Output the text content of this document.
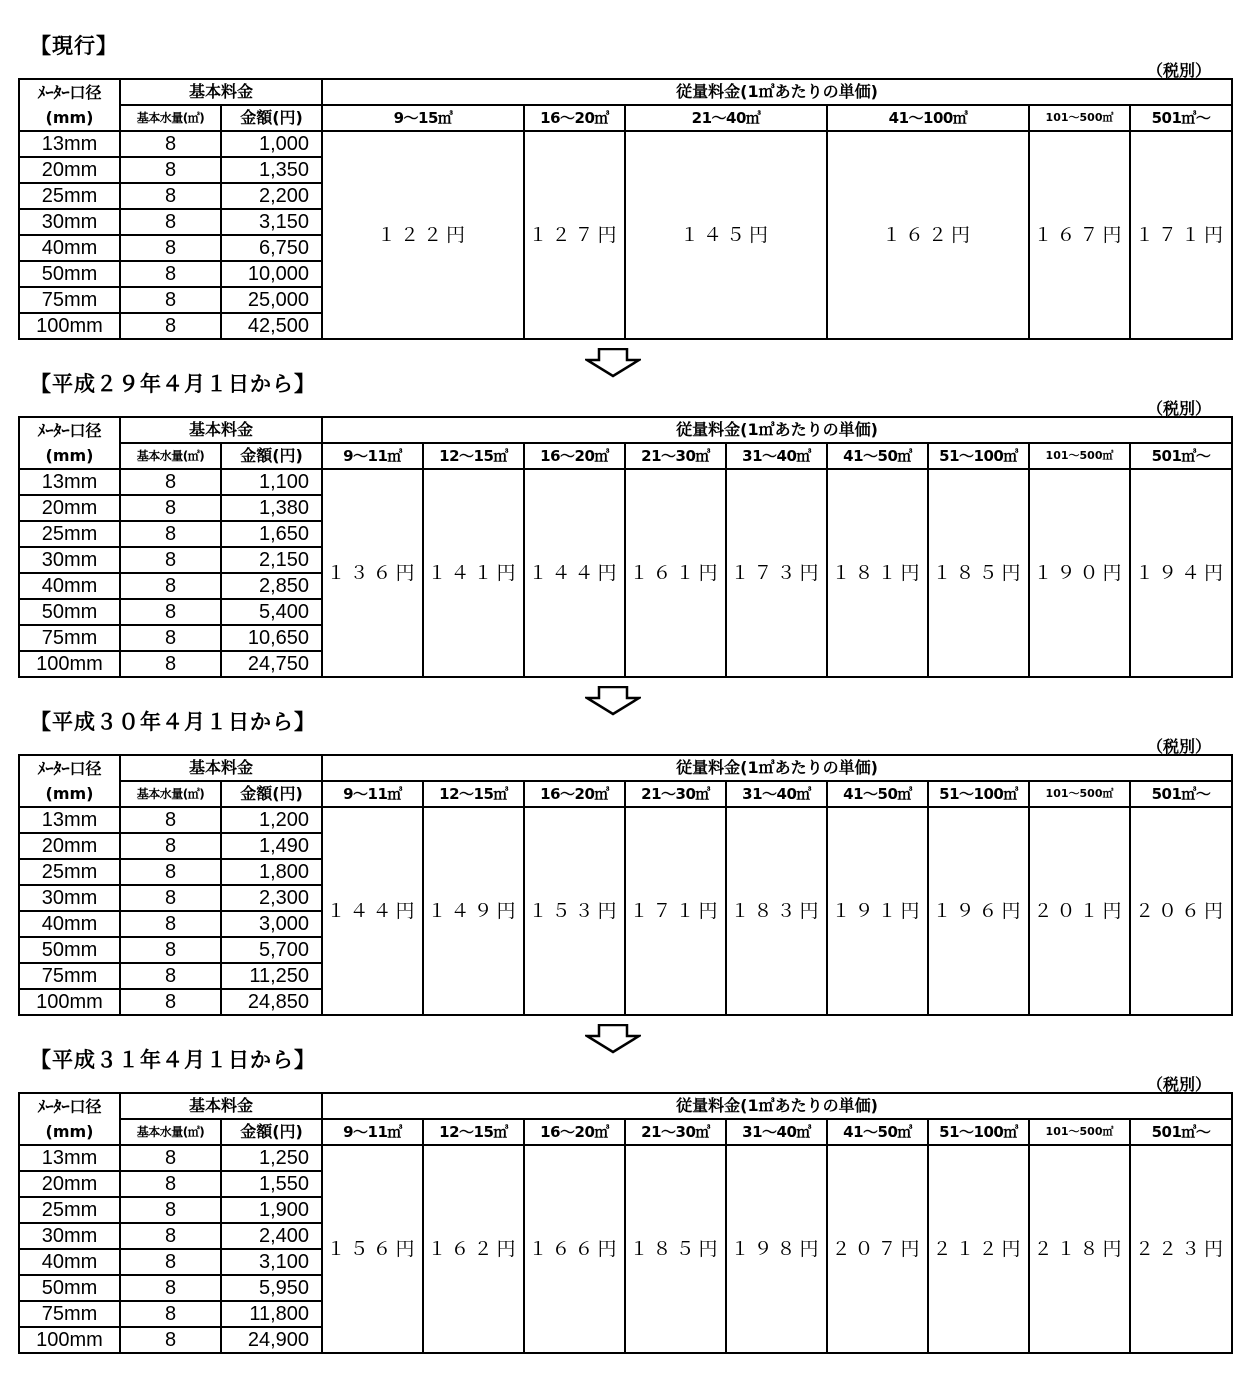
【現行】
（税別）
ﾒｰﾀｰ口径	基本料金		従量料金(1㎥あたりの単価)					
(mm)	基本水量(㎥)	金額(円)	9～15㎥	16～20㎥	21～40㎥	41～100㎥	101～500㎥	501㎥～
13mm	8	1,000	１２２円	１２７円	１４５円	１６２円	１６７円	１７１円
20mm	8	1,350						
25mm	8	2,200						
30mm	8	3,150						
40mm	8	6,750						
50mm	8	10,000						
75mm	8	25,000						
100mm	8	42,500						
【平成２９年４月１日から】
（税別）
ﾒｰﾀｰ口径	基本料金		従量料金(1㎥あたりの単価)								
(mm)	基本水量(㎥)	金額(円)	9～11㎥	12～15㎥	16～20㎥	21～30㎥	31～40㎥	41～50㎥	51～100㎥	101～500㎥	501㎥～
13mm	8	1,100	１３６円	１４１円	１４４円	１６１円	１７３円	１８１円	１８５円	１９０円	１９４円
20mm	8	1,380									
25mm	8	1,650									
30mm	8	2,150									
40mm	8	2,850									
50mm	8	5,400									
75mm	8	10,650									
100mm	8	24,750									
【平成３０年４月１日から】
（税別）
ﾒｰﾀｰ口径	基本料金		従量料金(1㎥あたりの単価)								
(mm)	基本水量(㎥)	金額(円)	9～11㎥	12～15㎥	16～20㎥	21～30㎥	31～40㎥	41～50㎥	51～100㎥	101～500㎥	501㎥～
13mm	8	1,200	１４４円	１４９円	１５３円	１７１円	１８３円	１９１円	１９６円	２０１円	２０６円
20mm	8	1,490									
25mm	8	1,800									
30mm	8	2,300									
40mm	8	3,000									
50mm	8	5,700									
75mm	8	11,250									
100mm	8	24,850									
【平成３１年４月１日から】
（税別）
ﾒｰﾀｰ口径	基本料金		従量料金(1㎥あたりの単価)								
(mm)	基本水量(㎥)	金額(円)	9～11㎥	12～15㎥	16～20㎥	21～30㎥	31～40㎥	41～50㎥	51～100㎥	101～500㎥	501㎥～
13mm	8	1,250	１５６円	１６２円	１６６円	１８５円	１９８円	２０７円	２１２円	２１８円	２２３円
20mm	8	1,550									
25mm	8	1,900									
30mm	8	2,400									
40mm	8	3,100									
50mm	8	5,950									
75mm	8	11,800									
100mm	8	24,900									
